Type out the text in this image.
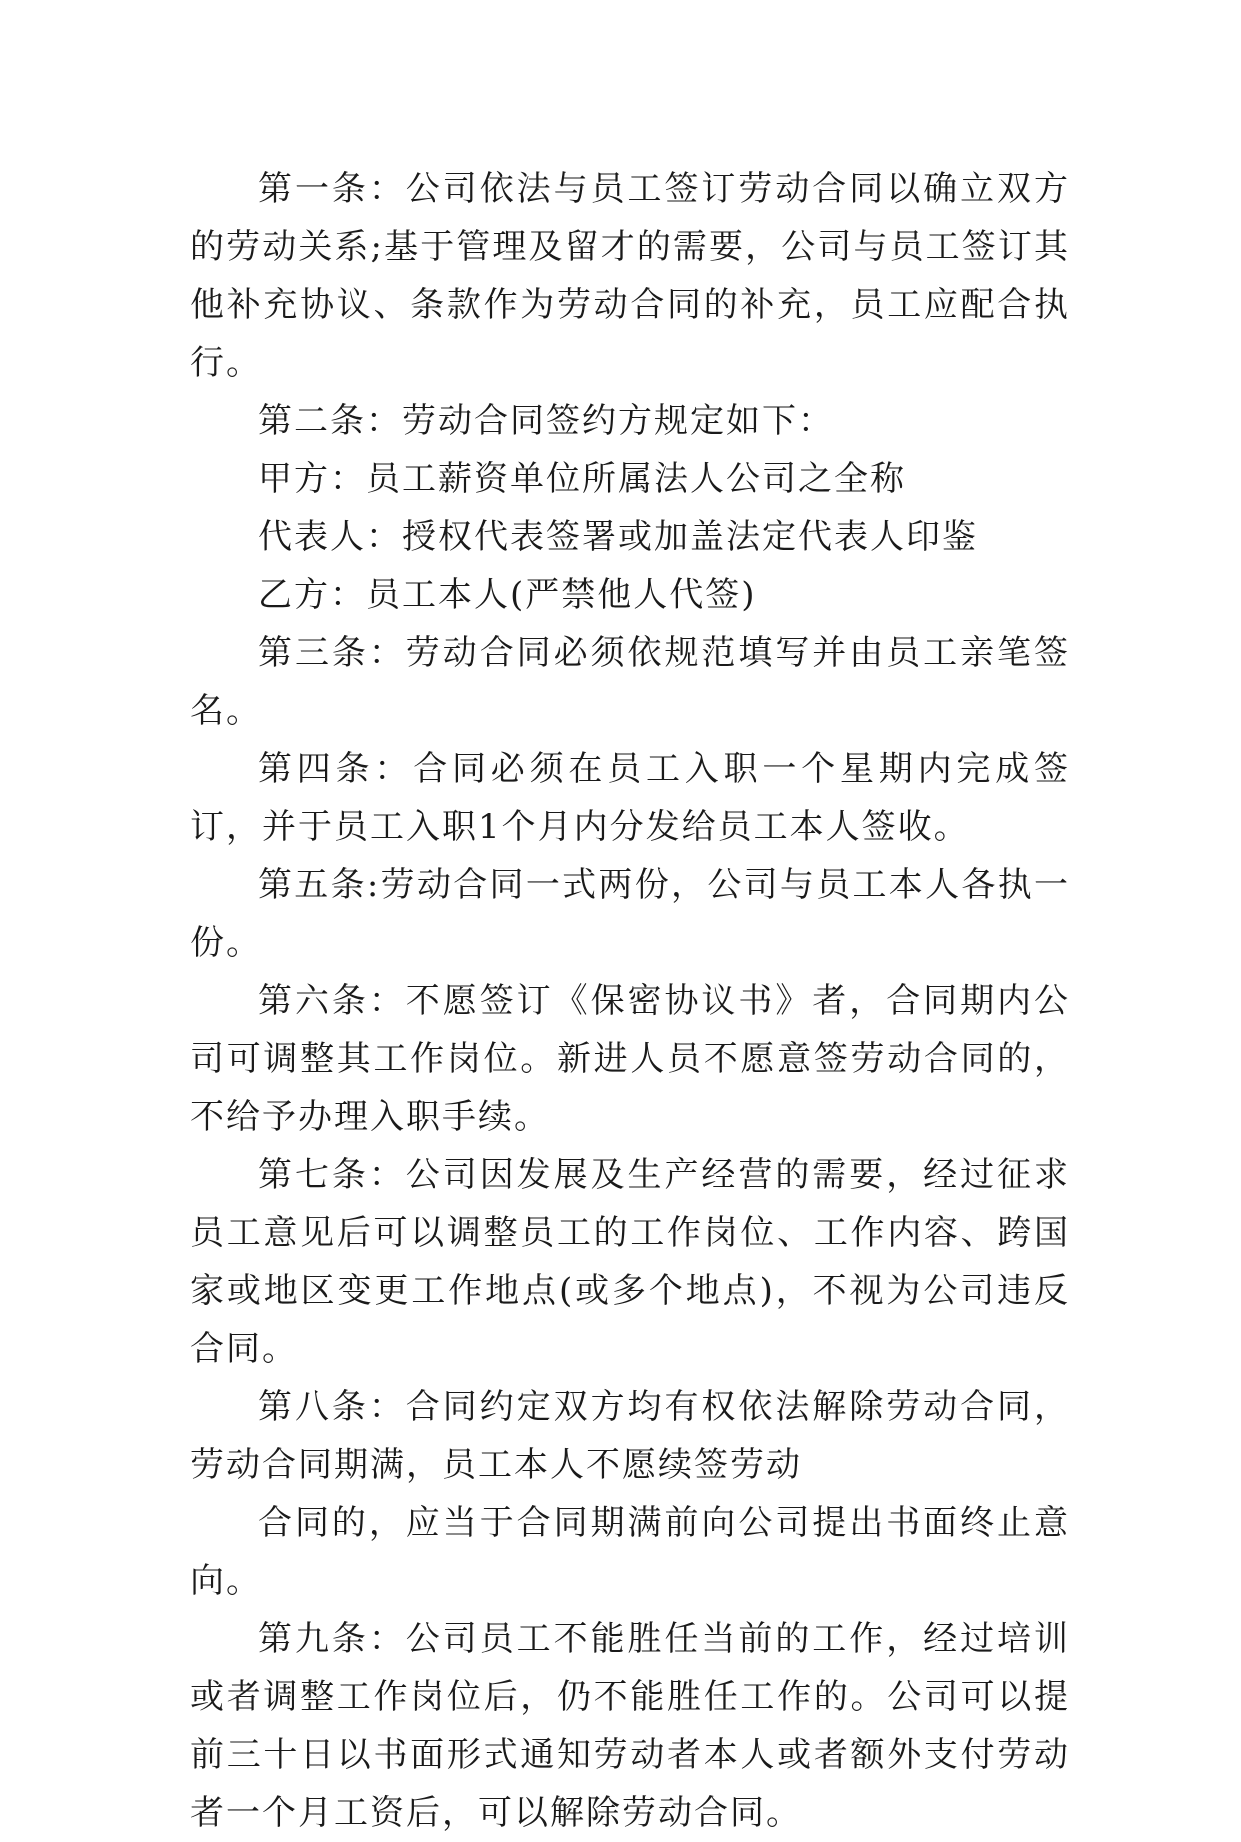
第一条：公司依法与员工签订劳动合同以确立双方的劳动关系;基于管理及留才的需要，公司与员工签订其他补充协议、条款作为劳动合同的补充，员工应配合执行。

第二条：劳动合同签约方规定如下：

甲方：员工薪资单位所属法人公司之全称

代表人：授权代表签署或加盖法定代表人印鉴

乙方：员工本人(严禁他人代签)

第三条：劳动合同必须依规范填写并由员工亲笔签名。

第四条：合同必须在员工入职一个星期内完成签订，并于员工入职1个月内分发给员工本人签收。

第五条:劳动合同一式两份，公司与员工本人各执一份。

第六条：不愿签订《保密协议书》者，合同期内公司可调整其工作岗位。新进人员不愿意签劳动合同的，不给予办理入职手续。

第七条：公司因发展及生产经营的需要，经过征求员工意见后可以调整员工的工作岗位、工作内容、跨国家或地区变更工作地点(或多个地点)，不视为公司违反合同。

第八条：合同约定双方均有权依法解除劳动合同，劳动合同期满，员工本人不愿续签劳动

合同的，应当于合同期满前向公司提出书面终止意向。

第九条：公司员工不能胜任当前的工作，经过培训或者调整工作岗位后，仍不能胜任工作的。公司可以提前三十日以书面形式通知劳动者本人或者额外支付劳动者一个月工资后，可以解除劳动合同。
